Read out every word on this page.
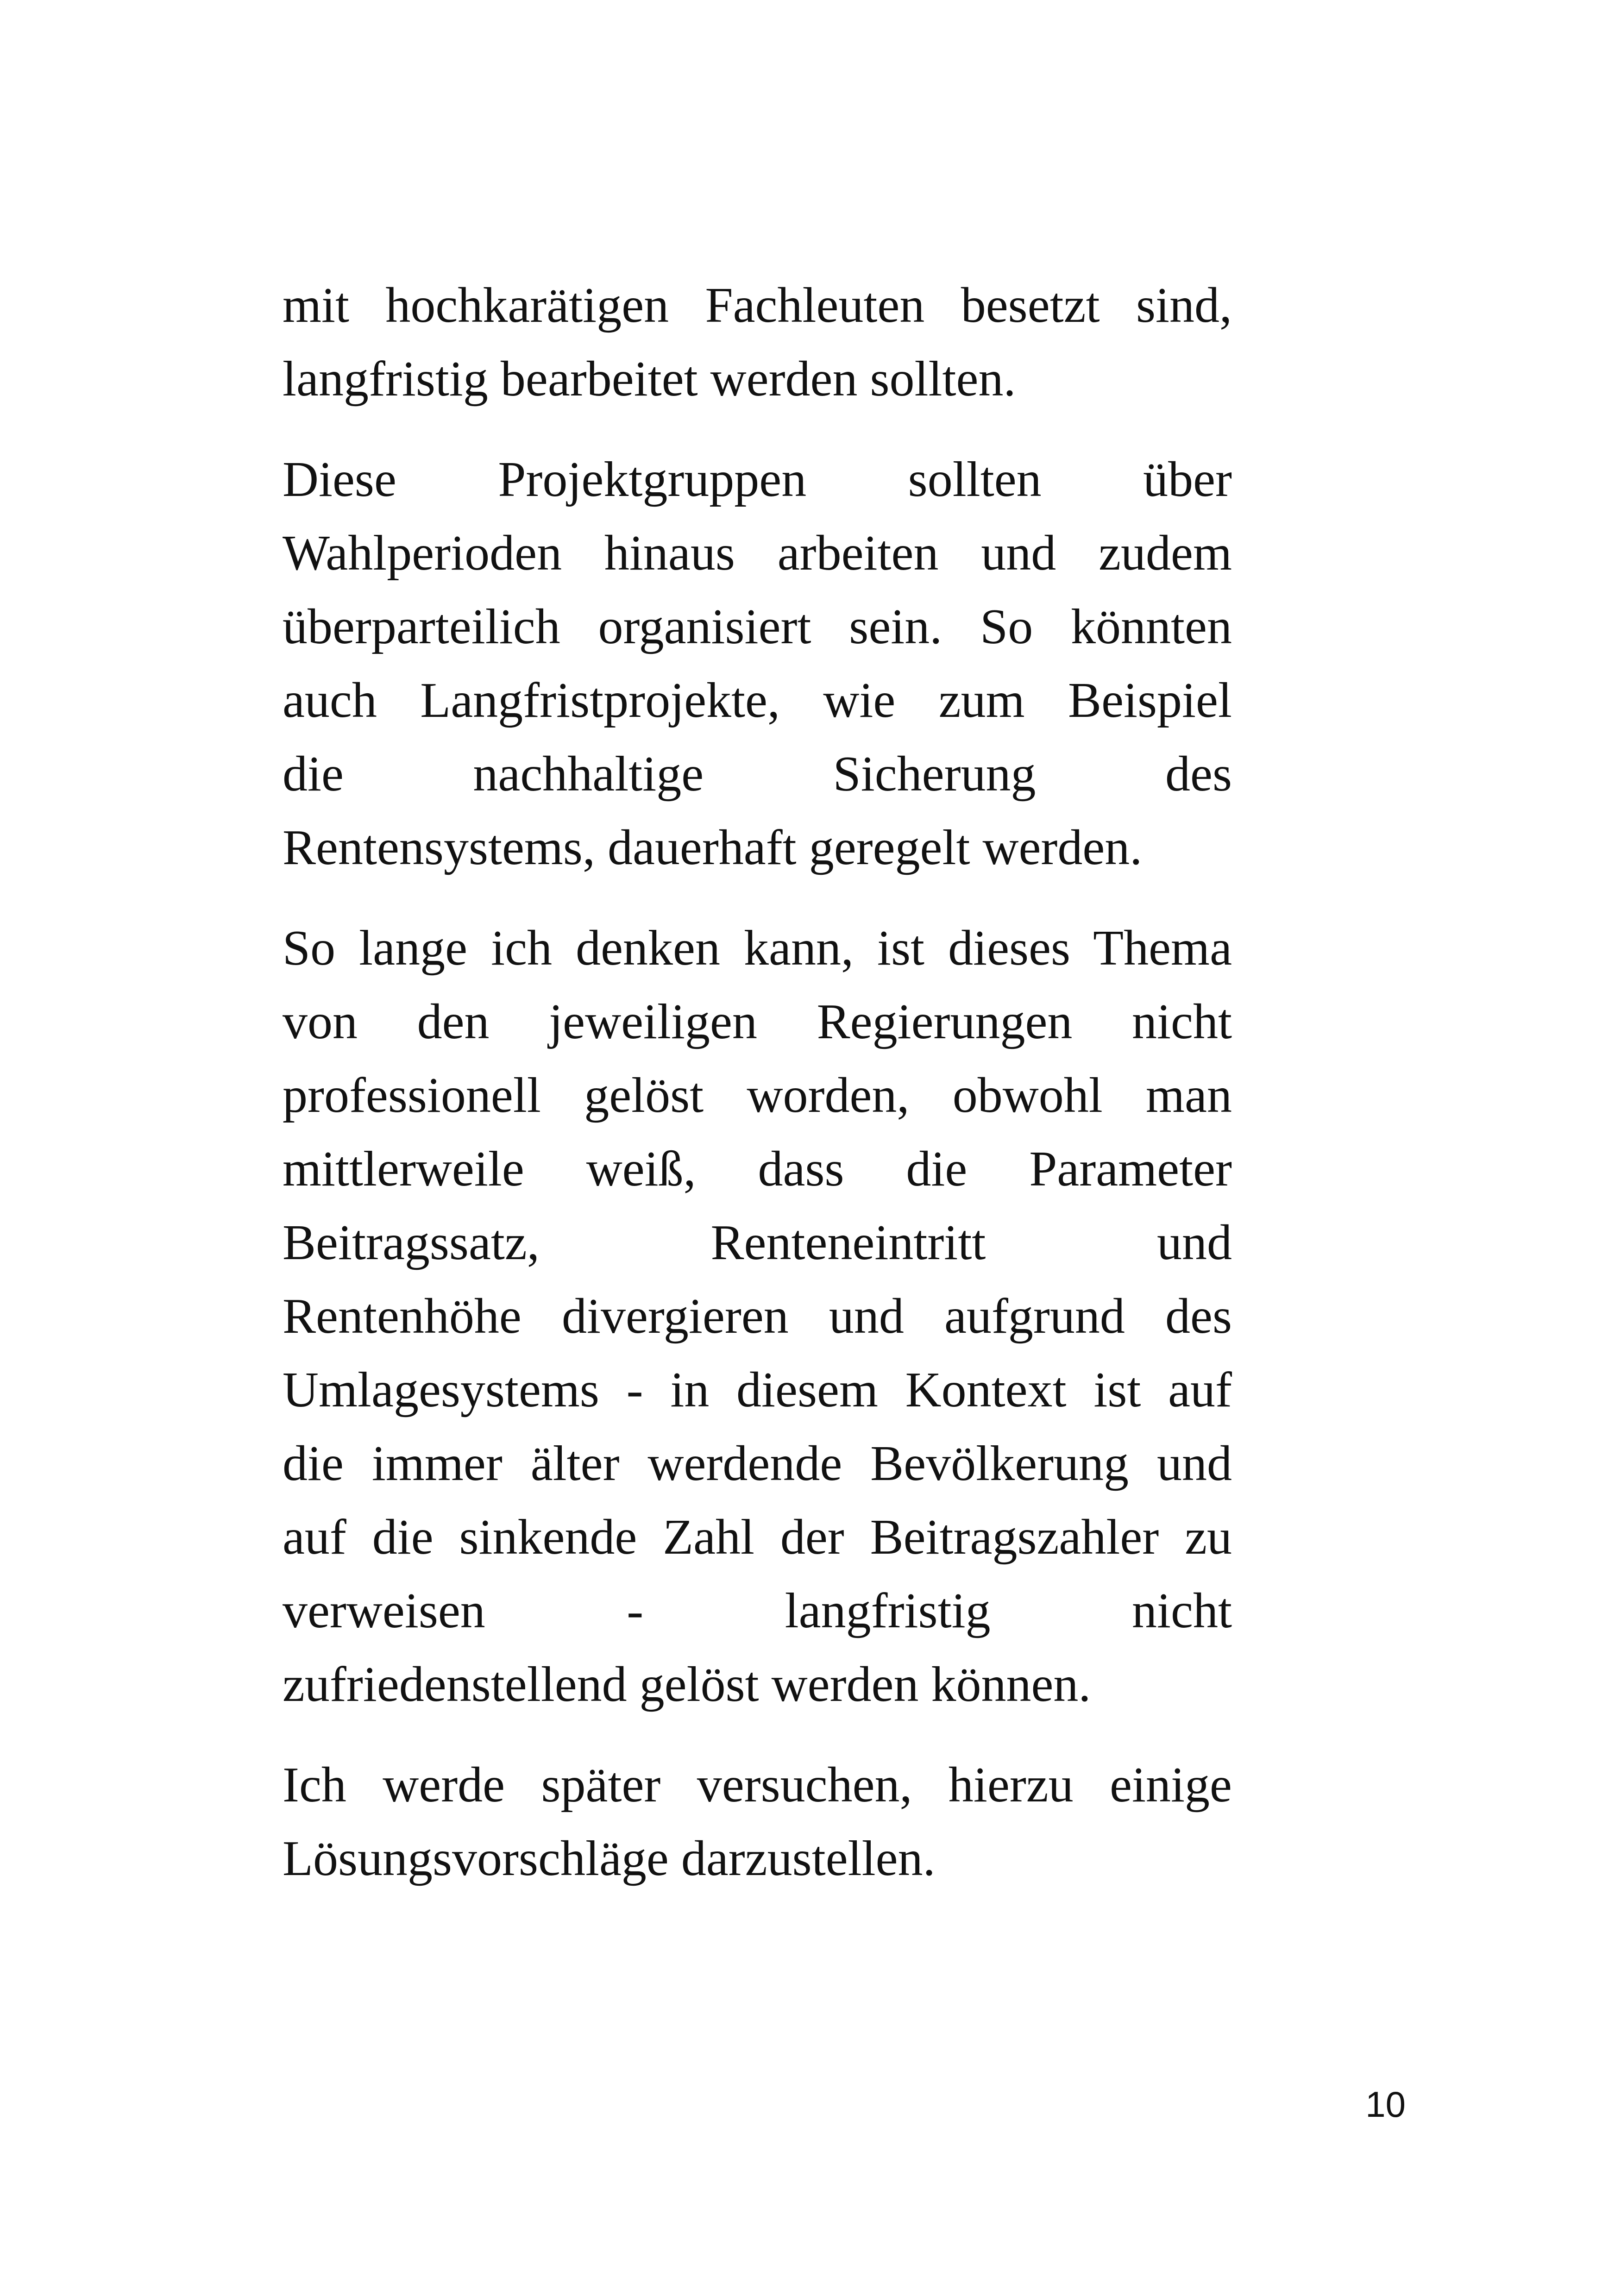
mit hochkarätigen Fachleuten besetzt sind,
langfristig bearbeitet werden sollten.

Diese Projektgruppen sollten über
Wahlperioden hinaus arbeiten und zudem
überparteilich organisiert sein. So könnten
auch Langfristprojekte, wie zum Beispiel
die nachhaltige Sicherung des
Rentensystems, dauerhaft geregelt werden.

So lange ich denken kann, ist dieses Thema
von den jeweiligen Regierungen nicht
professionell gelöst worden, obwohl man
mittlerweile weiß, dass die Parameter
Beitragssatz, Renteneintritt und
Rentenhöhe divergieren und aufgrund des
Umlagesystems - in diesem Kontext ist auf
die immer älter werdende Bevölkerung und
auf die sinkende Zahl der Beitragszahler zu
verweisen - langfristig nicht
zufriedenstellend gelöst werden können.

Ich werde später versuchen, hierzu einige
Lösungsvorschläge darzustellen.

10
